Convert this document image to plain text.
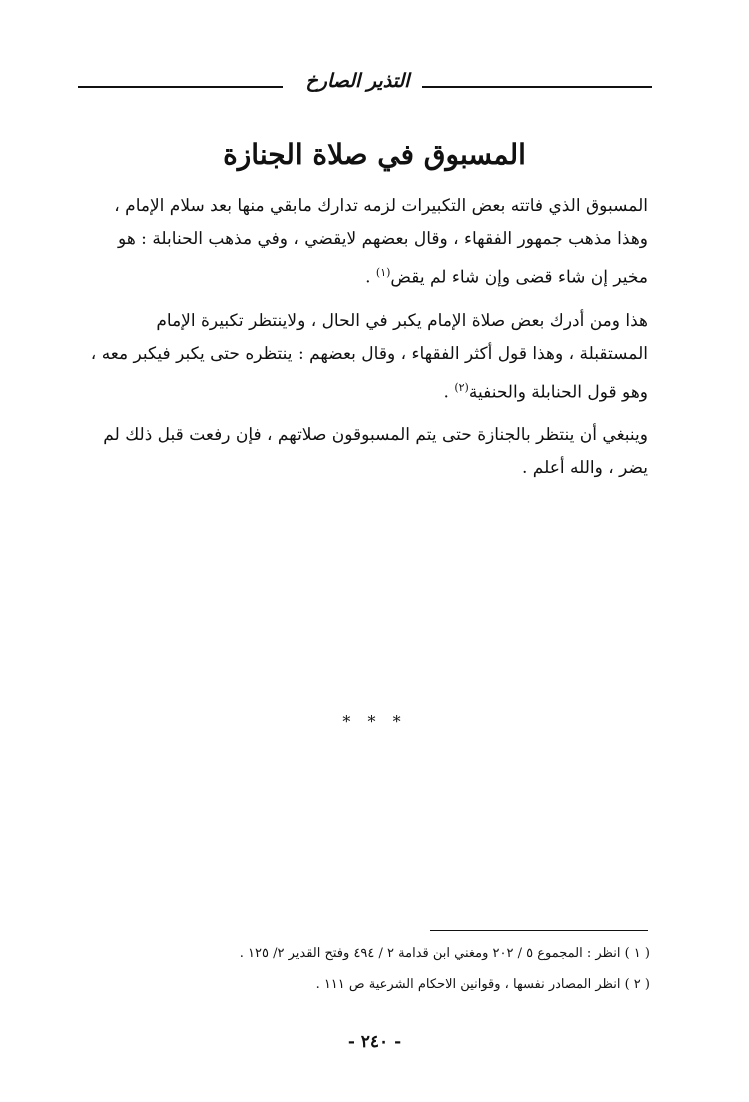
التذير الصارخ
المسبوق في صلاة الجنازة

المسبوق الذي فاتته بعض التكبيرات لزمه تدارك مابقي منها بعد سلام الإمام ،
وهذا مذهب جمهور الفقهاء ، وقال بعضهم لايقضي ، وفي مذهب الحنابلة : هو
مخير إن شاء قضى وإن شاء لم يقض$^{(١)}$ .

هذا ومن أدرك بعض صلاة الإمام يكبر في الحال ، ولاينتظر تكبيرة الإمام
المستقبلة ، وهذا قول أكثر الفقهاء ، وقال بعضهم : ينتظره حتى يكبر فيكبر معه ،
وهو قول الحنابلة والحنفية$^{(٢)}$ .

وينبغي أن ينتظر بالجنازة حتى يتم المسبوقون صلاتهم ، فإن رفعت قبل ذلك لم
يضر ، والله أعلم .

* * *
( ١ ) انظر : المجموع ٥ / ٢٠٢ ومغني ابن قدامة ٢ / ٤٩٤ وفتح القدير ٢/ ١٢٥ .
( ٢ ) انظر المصادر نفسها ، وقوانين الاحكام الشرعية ص ١١١ .
- ٢٤٠ -
